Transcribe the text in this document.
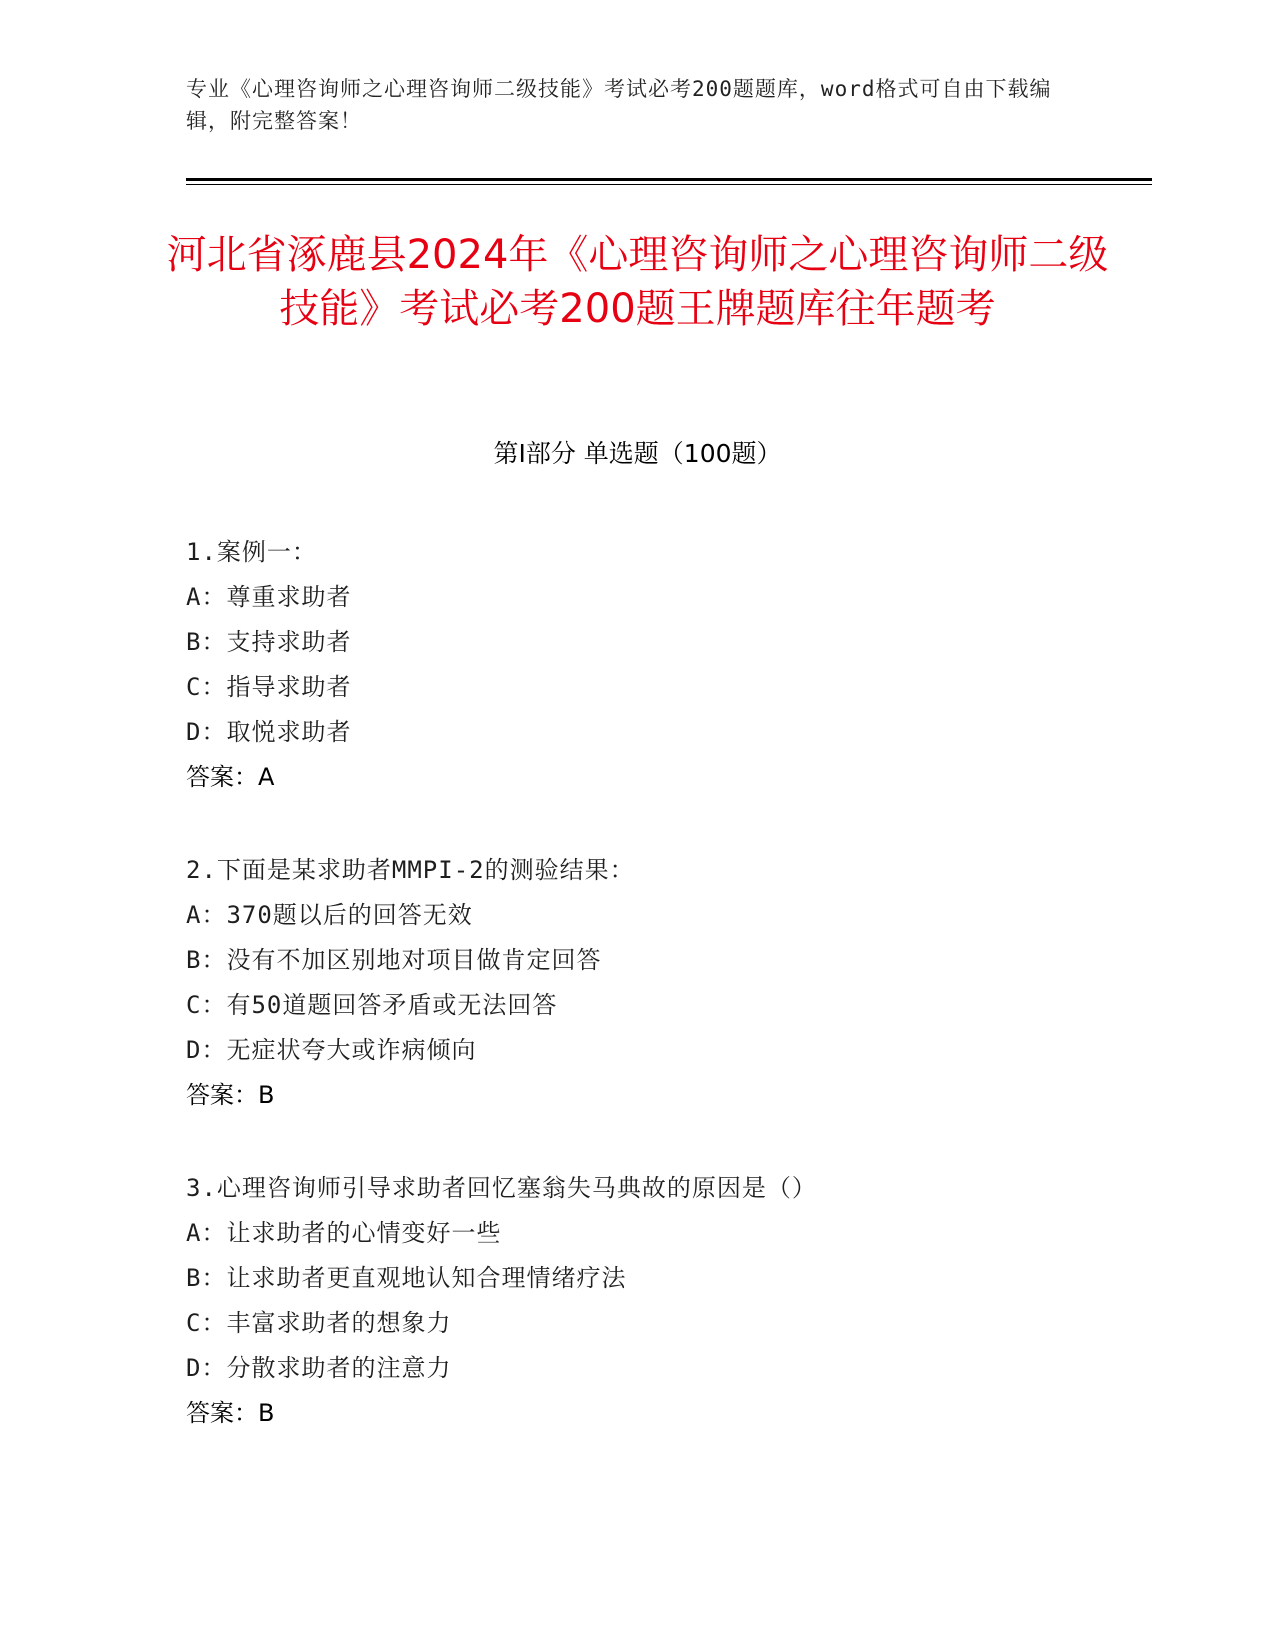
专业《心理咨询师之心理咨询师二级技能》考试必考200题题库，word格式可自由下载编辑，附完整答案！
河北省涿鹿县2024年《心理咨询师之心理咨询师二级技能》考试必考200题王牌题库往年题考
第Ⅰ部分 单选题（100题）
1.案例一：
A：尊重求助者
B：支持求助者
C：指导求助者
D：取悦求助者
答案：A
2.下面是某求助者MMPI-2的测验结果：
A：370题以后的回答无效
B：没有不加区别地对项目做肯定回答
C：有50道题回答矛盾或无法回答
D：无症状夸大或诈病倾向
答案：B
3.心理咨询师引导求助者回忆塞翁失马典故的原因是（）
A：让求助者的心情变好一些
B：让求助者更直观地认知合理情绪疗法
C：丰富求助者的想象力
D：分散求助者的注意力
答案：B
